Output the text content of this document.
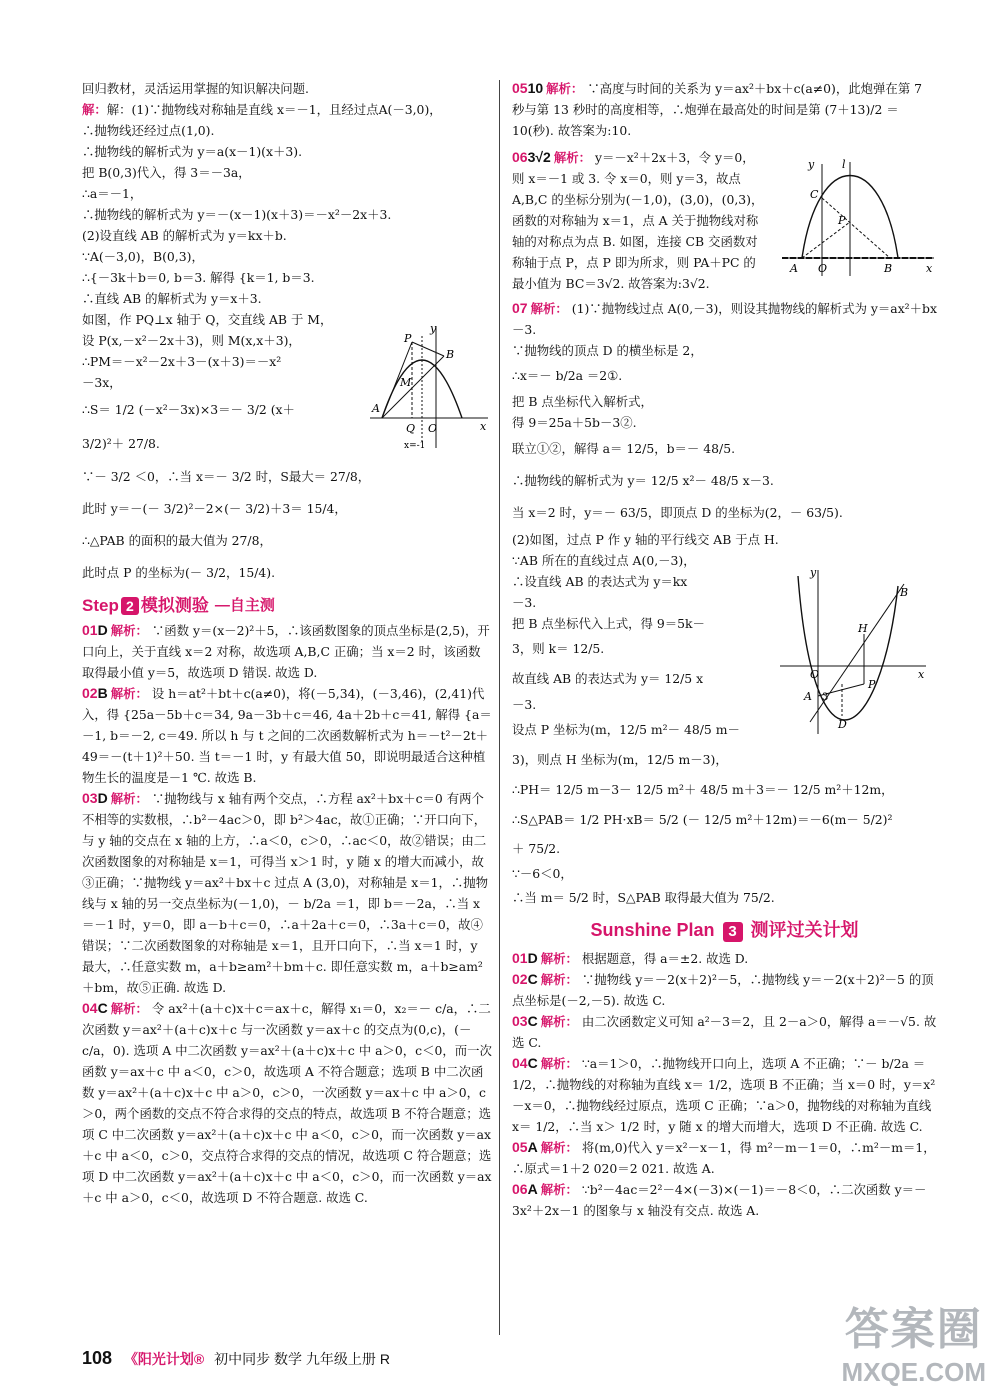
回归教材，灵活运用掌握的知识解决问题.

解：解：(1)∵抛物线对称轴是直线 x＝－1，且经过点A(－3,0)，

∴抛物线还经过点(1,0).

∴抛物线的解析式为 y＝a(x－1)(x＋3).

把 B(0,3)代入，得 3＝－3a，

∴a＝－1，

∴抛物线的解析式为 y＝－(x－1)(x＋3)＝－x²－2x＋3.

(2)设直线 AB 的解析式为 y＝kx＋b.

∵A(－3,0)，B(0,3)，

∴{－3k＋b＝0, b＝3. 解得 {k＝1, b＝3.

∴直线 AB 的解析式为 y＝x＋3.

如图，作 PQ⊥x 轴于 Q，交直线 AB 于 M，

设 P(x,－x²－2x＋3)，则 M(x,x＋3)，

∴PM＝－x²－2x＋3－(x＋3)＝－x²

－3x，

∴S＝ 1/2 (－x²－3x)×3＝－ 3/2 (x＋

3/2)²＋ 27/8.

∵－ 3/2 ＜0，∴当 x＝－ 3/2 时，S最大＝ 27/8，

此时 y＝－(－ 3/2)²－2×(－ 3/2)＋3＝ 15/4，

∴△PAB 的面积的最大值为 27/8，

此时点 P 的坐标为(－ 3/2，15/4).

Step 2 模拟测验 —自主测

01D 解析： ∵函数 y＝(x－2)²＋5，∴该函数图象的顶点坐标是(2,5)，开口向上，关于直线 x＝2 对称，故选项 A,B,C 正确；当 x＝2 时，该函数取得最小值 y＝5，故选项 D 错误. 故选 D.

02B 解析： 设 h＝at²＋bt＋c(a≠0)，将(－5,34)，(－3,46)，(2,41)代入，得 {25a－5b＋c＝34, 9a－3b＋c＝46, 4a＋2b＋c＝41, 解得 {a＝－1, b＝－2, c＝49. 所以 h 与 t 之间的二次函数解析式为 h＝－t²－2t＋49＝－(t＋1)²＋50. 当 t＝－1 时，y 有最大值 50，即说明最适合这种植物生长的温度是－1 ℃. 故选 B.

03D 解析： ∵抛物线与 x 轴有两个交点，∴方程 ax²＋bx＋c＝0 有两个不相等的实数根，∴b²－4ac＞0，即 b²＞4ac，故①正确；∵开口向下，与 y 轴的交点在 x 轴的上方，∴a＜0，c＞0，∴ac＜0，故②错误；由二次函数图象的对称轴是 x＝1，可得当 x＞1 时，y 随 x 的增大而减小，故③正确；∵抛物线 y＝ax²＋bx＋c 过点 A (3,0)，对称轴是 x＝1，∴抛物线与 x 轴的另一交点坐标为(－1,0)，－ b/2a ＝1，即 b＝－2a，∴当 x＝－1 时，y＝0，即 a－b＋c＝0，∴a＋2a＋c＝0，∴3a＋c＝0，故④错误；∵二次函数图象的对称轴是 x＝1，且开口向下，∴当 x＝1 时，y 最大，∴任意实数 m，a＋b≥am²＋bm＋c. 即任意实数 m，a＋b≥am²＋bm，故⑤正确. 故选 D.

04C 解析： 令 ax²＋(a＋c)x＋c＝ax＋c，解得 x₁＝0，x₂＝－ c/a，∴二次函数 y＝ax²＋(a＋c)x＋c 与一次函数 y＝ax＋c 的交点为(0,c)，(－ c/a，0). 选项 A 中二次函数 y＝ax²＋(a＋c)x＋c 中 a＞0，c＜0，而一次函数 y＝ax＋c 中 a＜0，c＞0，故选项 A 不符合题意；选项 B 中二次函数 y＝ax²＋(a＋c)x＋c 中 a＞0，c＞0，一次函数 y＝ax＋c 中 a＞0，c＞0，两个函数的交点不符合求得的交点的特点，故选项 B 不符合题意；选项 C 中二次函数 y＝ax²＋(a＋c)x＋c 中 a＜0，c＞0，而一次函数 y＝ax＋c 中 a＜0，c＞0，交点符合求得的交点的情况，故选项 C 符合题意；选项 D 中二次函数 y＝ax²＋(a＋c)x＋c 中 a＜0，c＞0，而一次函数 y＝ax＋c 中 a＞0，c＜0，故选项 D 不符合题意. 故选 C.

y
P
B
M
A
Q O	x
x=-1

0510 解析： ∵高度与时间的关系为 y＝ax²＋bx＋c(a≠0)，此炮弹在第 7 秒与第 13 秒时的高度相等，∴炮弹在最高处的时间是第 (7＋13)/2 ＝10(秒). 故答案为:10.

063√2 解析： y＝－x²＋2x＋3，令 y＝0，则 x＝－1 或 3. 令 x＝0，则 y＝3，故点 A,B,C 的坐标分别为(－1,0)，(3,0)，(0,3)，函数的对称轴为 x＝1，点 A 关于抛物线对称轴的对称点为点 B. 如图，连接 CB 交函数对称轴于点 P，点 P 即为所求，则 PA＋PC 的最小值为 BC＝3√2. 故答案为:3√2.

07 解析： (1)∵抛物线过点 A(0,－3)，则设其抛物线的解析式为 y＝ax²＋bx－3.

∵抛物线的顶点 D 的横坐标是 2，

∴x＝－ b/2a ＝2①.

把 B 点坐标代入解析式，

得 9＝25a＋5b－3②.

联立①②，解得 a＝ 12/5，b＝－ 48/5.

∴抛物线的解析式为 y＝ 12/5 x²－ 48/5 x－3.

当 x＝2 时，y＝－ 63/5，即顶点 D 的坐标为(2，－ 63/5).

(2)如图，过点 P 作 y 轴的平行线交 AB 于点 H.

∵AB 所在的直线过点 A(0,－3)，

∴设直线 AB 的表达式为 y＝kx

－3.

把 B 点坐标代入上式，得 9＝5k－

3，则 k＝ 12/5.

故直线 AB 的表达式为 y＝ 12/5 x

－3.

设点 P 坐标为(m，12/5 m²－ 48/5 m－

3)，则点 H 坐标为(m，12/5 m－3)，

∴PH＝ 12/5 m－3－ 12/5 m²＋ 48/5 m＋3＝－ 12/5 m²＋12m，

∴S△PAB＝ 1/2 PH·xB＝ 5/2 (－ 12/5 m²＋12m)＝－6(m－ 5/2)²

＋ 75/2.

∵－6＜0，

∴当 m＝ 5/2 时，S△PAB 取得最大值为 75/2.

Sunshine Plan 3 测评过关计划

01D 解析： 根据题意，得 a＝±2. 故选 D.

02C 解析： ∵抛物线 y＝－2(x＋2)²－5，∴抛物线 y＝－2(x＋2)²－5 的顶点坐标是(－2,－5). 故选 C.

03C 解析： 由二次函数定义可知 a²－3＝2，且 2－a＞0，解得 a＝－√5. 故选 C.

04C 解析： ∵a＝1＞0，∴抛物线开口向上，选项 A 不正确；∵－ b/2a ＝ 1/2，∴抛物线的对称轴为直线 x＝ 1/2，选项 B 不正确；当 x＝0 时，y＝x²－x＝0，∴抛物线经过原点，选项 C 正确；∵a＞0，抛物线的对称轴为直线 x＝ 1/2，∴当 x＞ 1/2 时，y 随 x 的增大而增大，选项 D 不正确. 故选 C.

05A 解析： 将(m,0)代入 y＝x²－x－1，得 m²－m－1＝0，∴m²－m＝1，∴原式＝1＋2 020＝2 021. 故选 A.

06A 解析： ∵b²－4ac＝2²－4×(－3)×(－1)＝－8＜0，∴二次函数 y＝－3x²＋2x－1 的图象与 x 轴没有交点. 故选 A.

y	l
C
P
A O	B	x
y
B
H
O	x
A 3
P
D
108 《阳光计划® 初中同步 数学 九年级上册 R
答案圈
MXQE.COM
